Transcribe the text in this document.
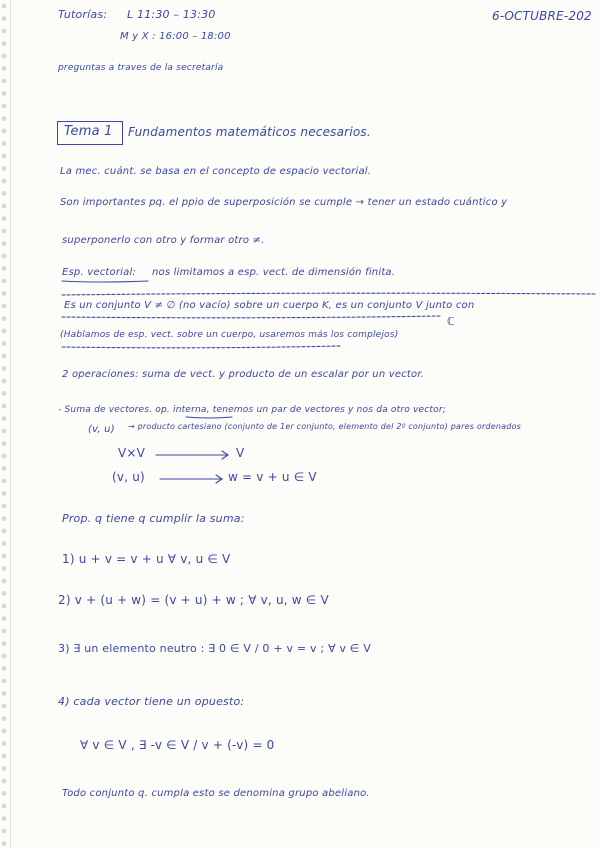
Tutorías: L 11:30 – 13:30
M y X : 16:00 – 18:00
6-OCTUBRE-202
preguntas a traves de la secretaría
Tema 1 Fundamentos matemáticos necesarios.
La mec. cuánt. se basa en el concepto de espacio vectorial.
Son importantes pq. el ppio de superposición se cumple → tener un estado cuántico y
superponerlo con otro y formar otro ≠.
Esp. vectorial: nos limitamos a esp. vect. de dimensión finita.
Es un conjunto V ≠ ∅ (no vacío) sobre un cuerpo K, es un conjunto V junto con
ℂ
(Hablamos de esp. vect. sobre un cuerpo, usaremos más los complejos)
2 operaciones: suma de vect. y producto de un escalar por un vector.
- Suma de vectores. op. interna, tenemos un par de vectores y nos da otro vector;
(v, u) → producto cartesiano (conjunto de 1er conjunto, elemento del 2º conjunto) pares ordenados
V×V	V
(v, u)	w = v + u ∈ V
Prop. q tiene q cumplir la suma:
1) u + v = v + u ∀ v, u ∈ V
2) v + (u + w) = (v + u) + w ; ∀ v, u, w ∈ V
3) ∃ un elemento neutro : ∃ 0 ∈ V / 0 + v = v ; ∀ v ∈ V
4) cada vector tiene un opuesto:
∀ v ∈ V , ∃ -v ∈ V / v + (-v) = 0
Todo conjunto q. cumpla esto se denomina grupo abeliano.
